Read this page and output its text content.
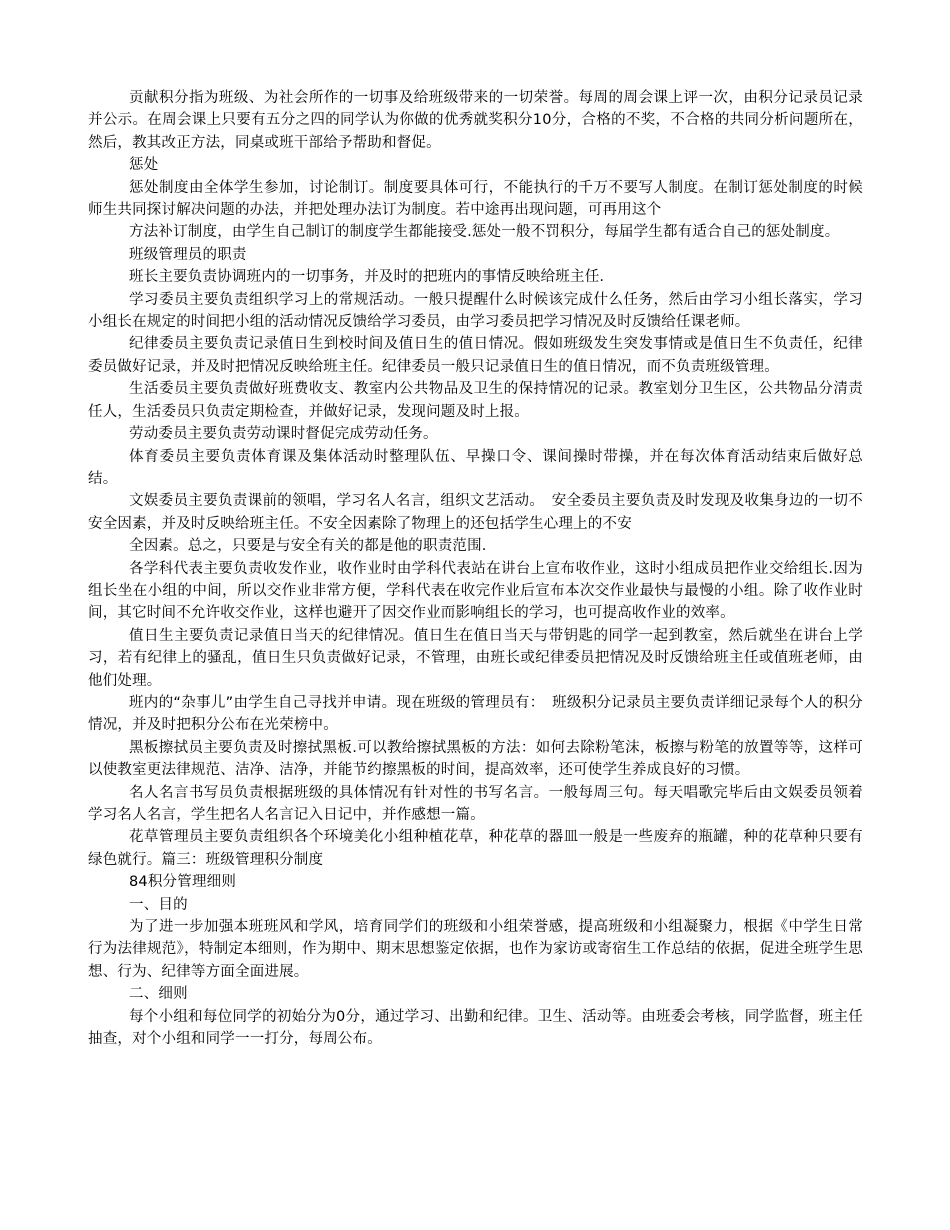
贡献积分指为班级、为社会所作的一切事及给班级带来的一切荣誉。每周的周会课上评一次，由积分记录员记录并公示。在周会课上只要有五分之四的同学认为你做的优秀就奖积分10分，合格的不奖，不合格的共同分析问题所在，然后，教其改正方法，同桌或班干部给予帮助和督促。

惩处

惩处制度由全体学生参加，讨论制订。制度要具体可行，不能执行的千万不要写人制度。在制订惩处制度的时候师生共同探讨解决问题的办法，并把处理办法订为制度。若中途再出现问题，可再用这个

方法补订制度，由学生自己制订的制度学生都能接受.惩处一般不罚积分，每届学生都有适合自己的惩处制度。

班级管理员的职责

班长主要负责协调班内的一切事务，并及时的把班内的事情反映给班主任.

学习委员主要负责组织学习上的常规活动。一般只提醒什么时候该完成什么任务，然后由学习小组长落实，学习小组长在规定的时间把小组的活动情况反馈给学习委员，由学习委员把学习情况及时反馈给任课老师。

纪律委员主要负责记录值日生到校时间及值日生的值日情况。假如班级发生突发事情或是值日生不负责任，纪律委员做好记录，并及时把情况反映给班主任。纪律委员一般只记录值日生的值日情况，而不负责班级管理。

生活委员主要负责做好班费收支、教室内公共物品及卫生的保持情况的记录。教室划分卫生区，公共物品分清责任人，生活委员只负责定期检查，并做好记录，发现问题及时上报。

劳动委员主要负责劳动课时督促完成劳动任务。

体育委员主要负责体育课及集体活动时整理队伍、早操口令、课间操时带操，并在每次体育活动结束后做好总结。

文娱委员主要负责课前的领唱，学习名人名言，组织文艺活动。　安全委员主要负责及时发现及收集身边的一切不安全因素，并及时反映给班主任。不安全因素除了物理上的还包括学生心理上的不安

全因素。总之，只要是与安全有关的都是他的职责范围.

各学科代表主要负责收发作业，收作业时由学科代表站在讲台上宣布收作业，这时小组成员把作业交给组长.因为组长坐在小组的中间，所以交作业非常方便，学科代表在收完作业后宣布本次交作业最快与最慢的小组。除了收作业时间，其它时间不允许收交作业，这样也避开了因交作业而影响组长的学习，也可提高收作业的效率。

值日生主要负责记录值日当天的纪律情况。值日生在值日当天与带钥匙的同学一起到教室，然后就坐在讲台上学习，若有纪律上的骚乱，值日生只负责做好记录，不管理，由班长或纪律委员把情况及时反馈给班主任或值班老师，由他们处理。

班内的“杂事儿”由学生自己寻找并申请。现在班级的管理员有：　班级积分记录员主要负责详细记录每个人的积分情况，并及时把积分公布在光荣榜中。

黑板擦拭员主要负责及时擦拭黑板.可以教给擦拭黑板的方法：如何去除粉笔沫，板擦与粉笔的放置等等，这样可以使教室更法律规范、洁净、洁净，并能节约擦黑板的时间，提高效率，还可使学生养成良好的习惯。

名人名言书写员负责根据班级的具体情况有针对性的书写名言。一般每周三句。每天唱歌完毕后由文娱委员领着学习名人名言，学生把名人名言记入日记中，并作感想一篇。

花草管理员主要负责组织各个环境美化小组种植花草，种花草的器皿一般是一些废弃的瓶罐，种的花草种只要有绿色就行。篇三：班级管理积分制度

84积分管理细则

一、目的

为了进一步加强本班班风和学风，培育同学们的班级和小组荣誉感，提高班级和小组凝聚力，根据《中学生日常行为法律规范》，特制定本细则，作为期中、期末思想鉴定依据，也作为家访或寄宿生工作总结的依据，促进全班学生思想、行为、纪律等方面全面进展。

二、细则

每个小组和每位同学的初始分为0分，通过学习、出勤和纪律。卫生、活动等。由班委会考核，同学监督，班主任抽查，对个小组和同学一一打分，每周公布。
